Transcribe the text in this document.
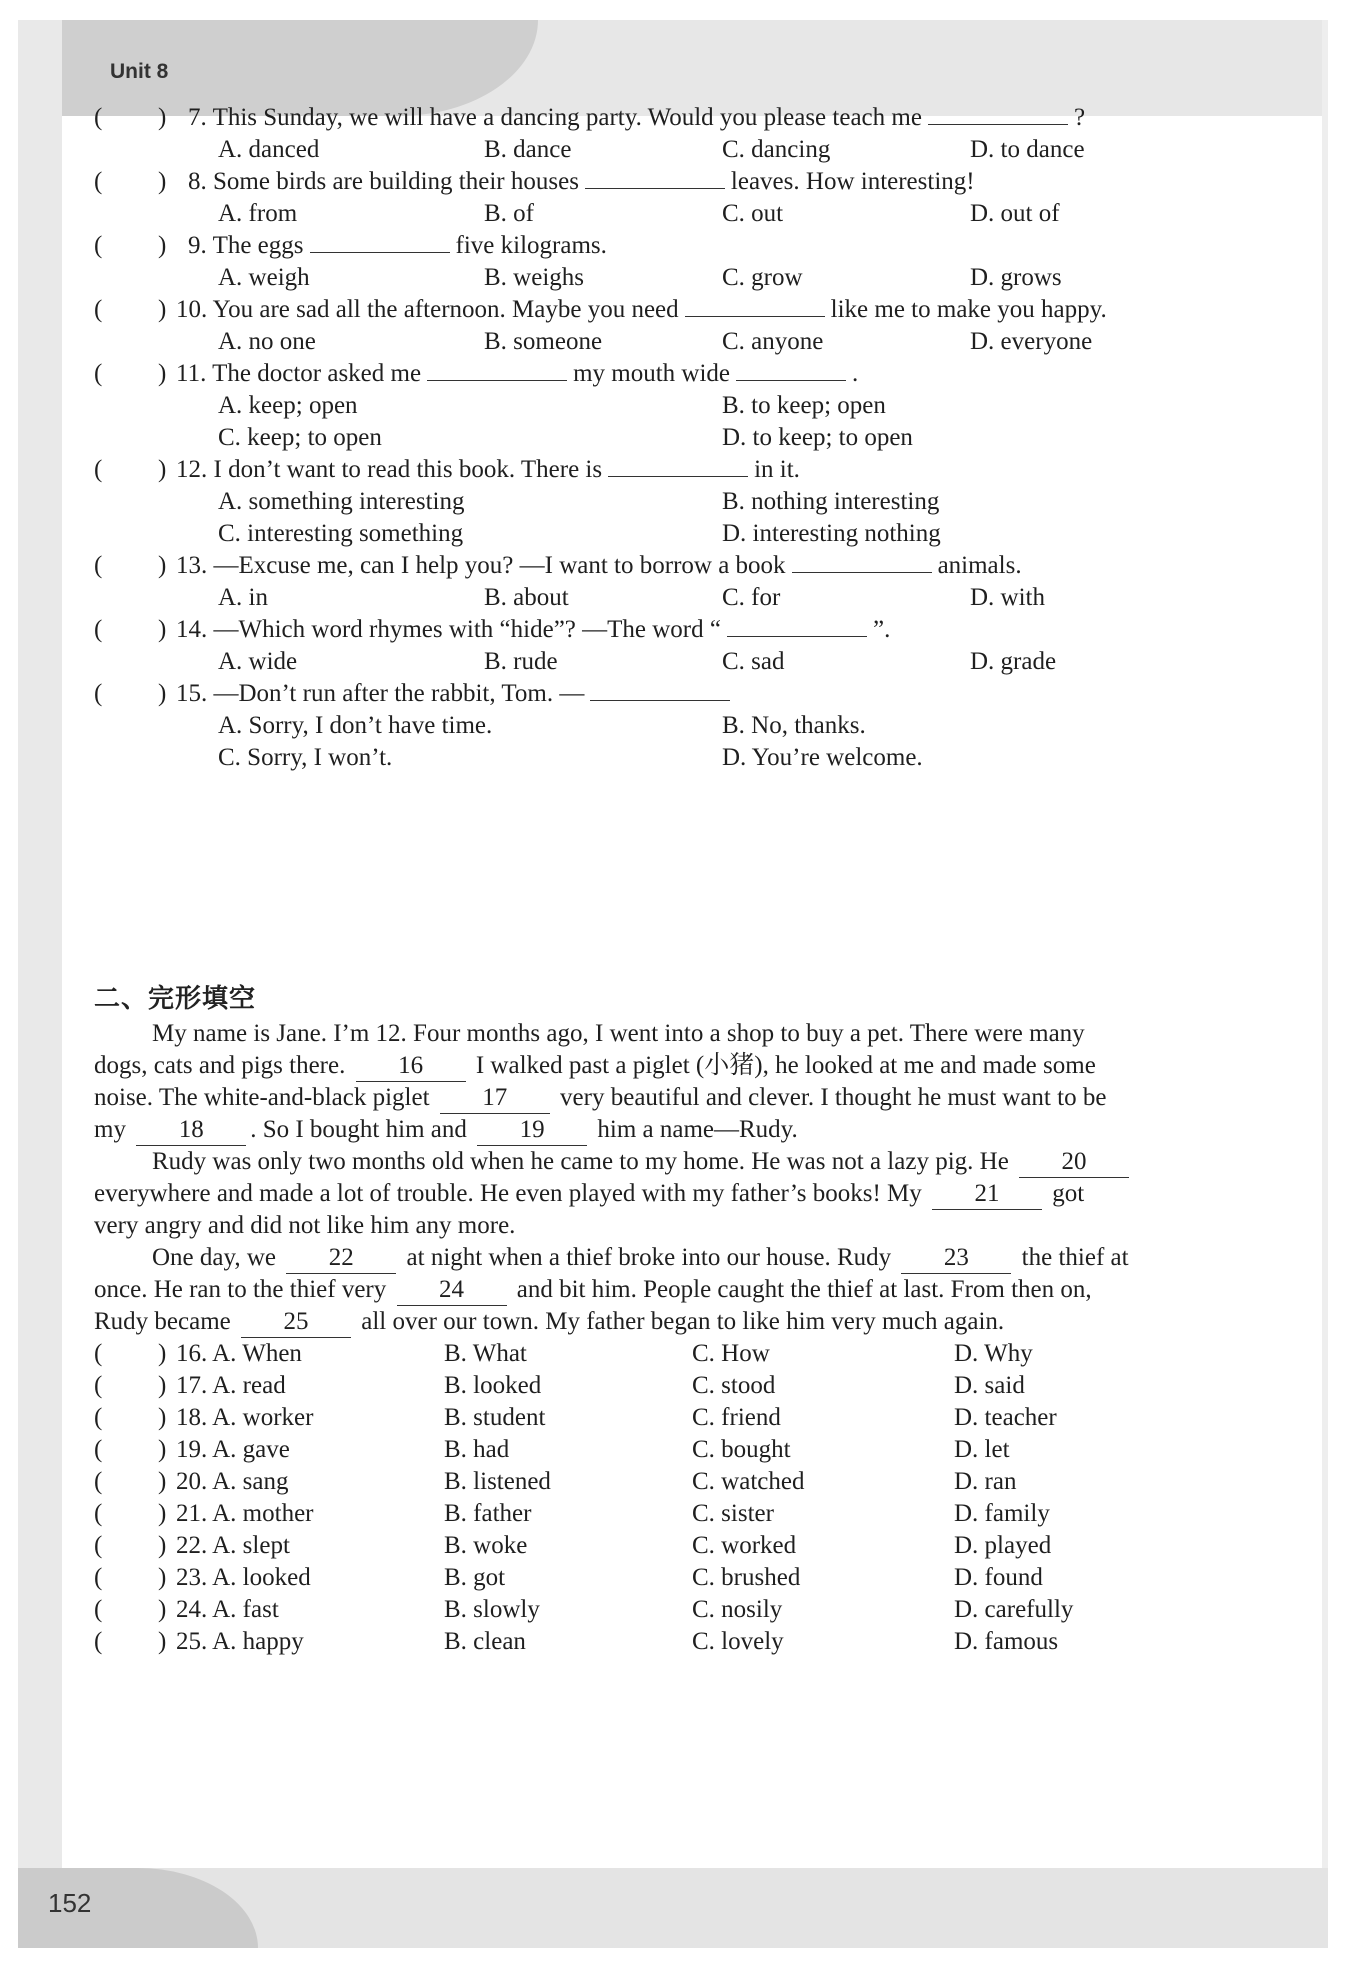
Unit 8
152
( ) 7. This Sunday, we will have a dancing party. Would you please teach me	?
A. danced	B. dance	C. dancing	D. to dance
( ) 8. Some birds are building their houses	leaves. How interesting!
A. from	B. of	C. out	D. out of
( ) 9. The eggs	five kilograms.
A. weigh	B. weighs	C. grow	D. grows
( ) 10. You are sad all the afternoon. Maybe you need	like me to make you happy.
A. no one	B. someone	C. anyone	D. everyone
( ) 11. The doctor asked me	my mouth wide	.
A. keep; open	B. to keep; open
C. keep; to open	D. to keep; to open
( ) 12. I don’t want to read this book. There is	in it.
A. something interesting	B. nothing interesting
C. interesting something	D. interesting nothing
( ) 13. —Excuse me, can I help you? —I want to borrow a book	animals.
A. in	B. about	C. for	D. with
( ) 14. —Which word rhymes with “hide”? —The word “	”.
A. wide	B. rude	C. sad	D. grade
( ) 15. —Don’t run after the rabbit, Tom. —
A. Sorry, I don’t have time.	B. No, thanks.
C. Sorry, I won’t.	D. You’re welcome.
二、完形填空
My name is Jane. I’m 12. Four months ago, I went into a shop to buy a pet. There were many
dogs, cats and pigs there. 16 I walked past a piglet (小猪), he looked at me and made some
noise. The white-and-black piglet 17 very beautiful and clever. I thought he must want to be
my 18 . So I bought him and 19 him a name—Rudy.
Rudy was only two months old when he came to my home. He was not a lazy pig. He 20
everywhere and made a lot of trouble. He even played with my father’s books! My 21 got
very angry and did not like him any more.
One day, we 22 at night when a thief broke into our house. Rudy 23 the thief at
once. He ran to the thief very 24 and bit him. People caught the thief at last. From then on,
Rudy became 25 all over our town. My father began to like him very much again.
( ) 16. A. When	B. What	C. How	D. Why
( ) 17. A. read	B. looked	C. stood	D. said
( ) 18. A. worker	B. student	C. friend	D. teacher
( ) 19. A. gave	B. had	C. bought	D. let
( ) 20. A. sang	B. listened	C. watched	D. ran
( ) 21. A. mother	B. father	C. sister	D. family
( ) 22. A. slept	B. woke	C. worked	D. played
( ) 23. A. looked	B. got	C. brushed	D. found
( ) 24. A. fast	B. slowly	C. nosily	D. carefully
( ) 25. A. happy	B. clean	C. lovely	D. famous
